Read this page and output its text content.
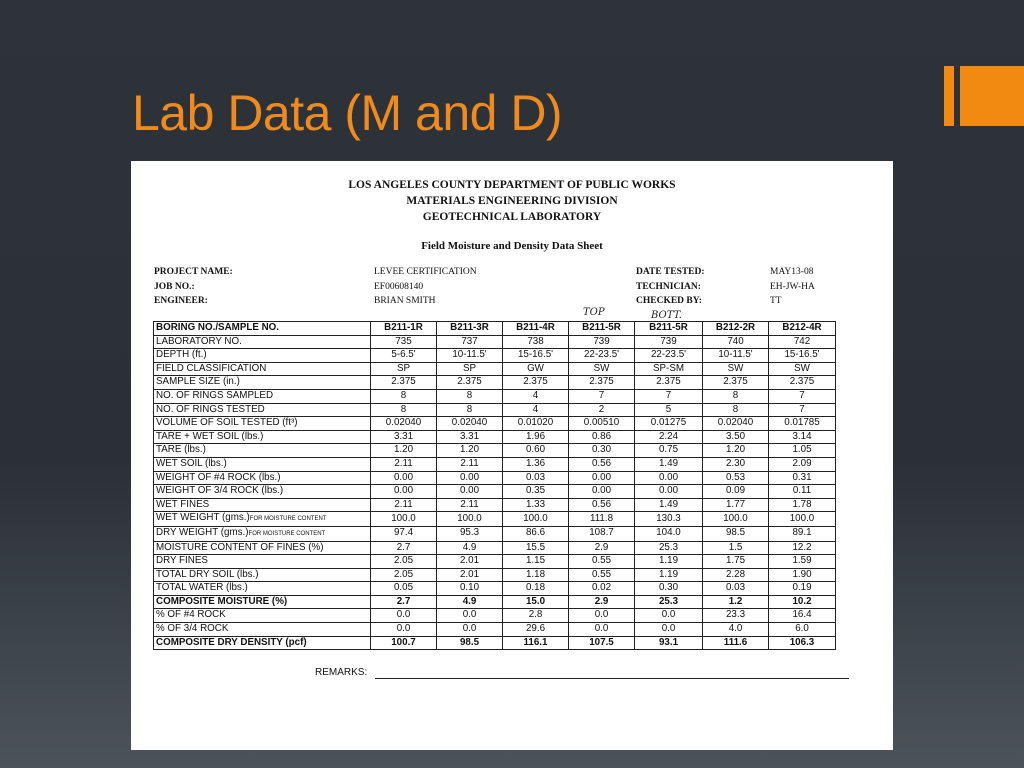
Lab Data (M and D)
LOS ANGELES COUNTY DEPARTMENT OF PUBLIC WORKS
MATERIALS ENGINEERING DIVISION
GEOTECHNICAL LABORATORY
Field Moisture and Density Data Sheet
PROJECT NAME:	LEVEE CERTIFICATION
JOB NO.:	EF00608140
ENGINEER:	BRIAN SMITH
DATE TESTED:	MAY13-08
TECHNICIAN:	EH-JW-HA
CHECKED BY:	TT
TOP	BOTT.
BORING NO./SAMPLE NO.	B211-1R	B211-3R	B211-4R	B211-5R	B211-5R	B212-2R	B212-4R
LABORATORY NO.	735	737	738	739	739	740	742
DEPTH (ft.)	5-6.5'	10-11.5'	15-16.5'	22-23.5'	22-23.5'	10-11.5'	15-16.5'
FIELD CLASSIFICATION	SP	SP	GW	SW	SP-SM	SW	SW
SAMPLE SIZE (in.)	2.375	2.375	2.375	2.375	2.375	2.375	2.375
NO. OF RINGS SAMPLED	8	8	4	7	7	8	7
NO. OF RINGS TESTED	8	8	4	2	5	8	7
VOLUME OF SOIL TESTED (ft³)	0.02040	0.02040	0.01020	0.00510	0.01275	0.02040	0.01785
TARE + WET SOIL (lbs.)	3.31	3.31	1.96	0.86	2.24	3.50	3.14
TARE (lbs.)	1.20	1.20	0.60	0.30	0.75	1.20	1.05
WET SOIL (lbs.)	2.11	2.11	1.36	0.56	1.49	2.30	2.09
WEIGHT OF #4 ROCK (lbs.)	0.00	0.00	0.03	0.00	0.00	0.53	0.31
WEIGHT OF 3/4 ROCK (lbs.)	0.00	0.00	0.35	0.00	0.00	0.09	0.11
WET FINES	2.11	2.11	1.33	0.56	1.49	1.77	1.78
WET WEIGHT (gms.)FOR MOISTURE CONTENT	100.0	100.0	100.0	111.8	130.3	100.0	100.0
DRY WEIGHT (gms.)FOR MOISTURE CONTENT	97.4	95.3	86.6	108.7	104.0	98.5	89.1
MOISTURE CONTENT OF FINES (%)	2.7	4.9	15.5	2.9	25.3	1.5	12.2
DRY FINES	2.05	2.01	1.15	0.55	1.19	1.75	1.59
TOTAL DRY SOIL (lbs.)	2.05	2.01	1.18	0.55	1.19	2.28	1.90
TOTAL WATER (lbs.)	0.05	0.10	0.18	0.02	0.30	0.03	0.19
COMPOSITE MOISTURE (%)	2.7	4.9	15.0	2.9	25.3	1.2	10.2
% OF #4 ROCK	0.0	0.0	2.8	0.0	0.0	23.3	16.4
% OF 3/4 ROCK	0.0	0.0	29.6	0.0	0.0	4.0	6.0
COMPOSITE DRY DENSITY (pcf)	100.7	98.5	116.1	107.5	93.1	111.6	106.3
REMARKS:
